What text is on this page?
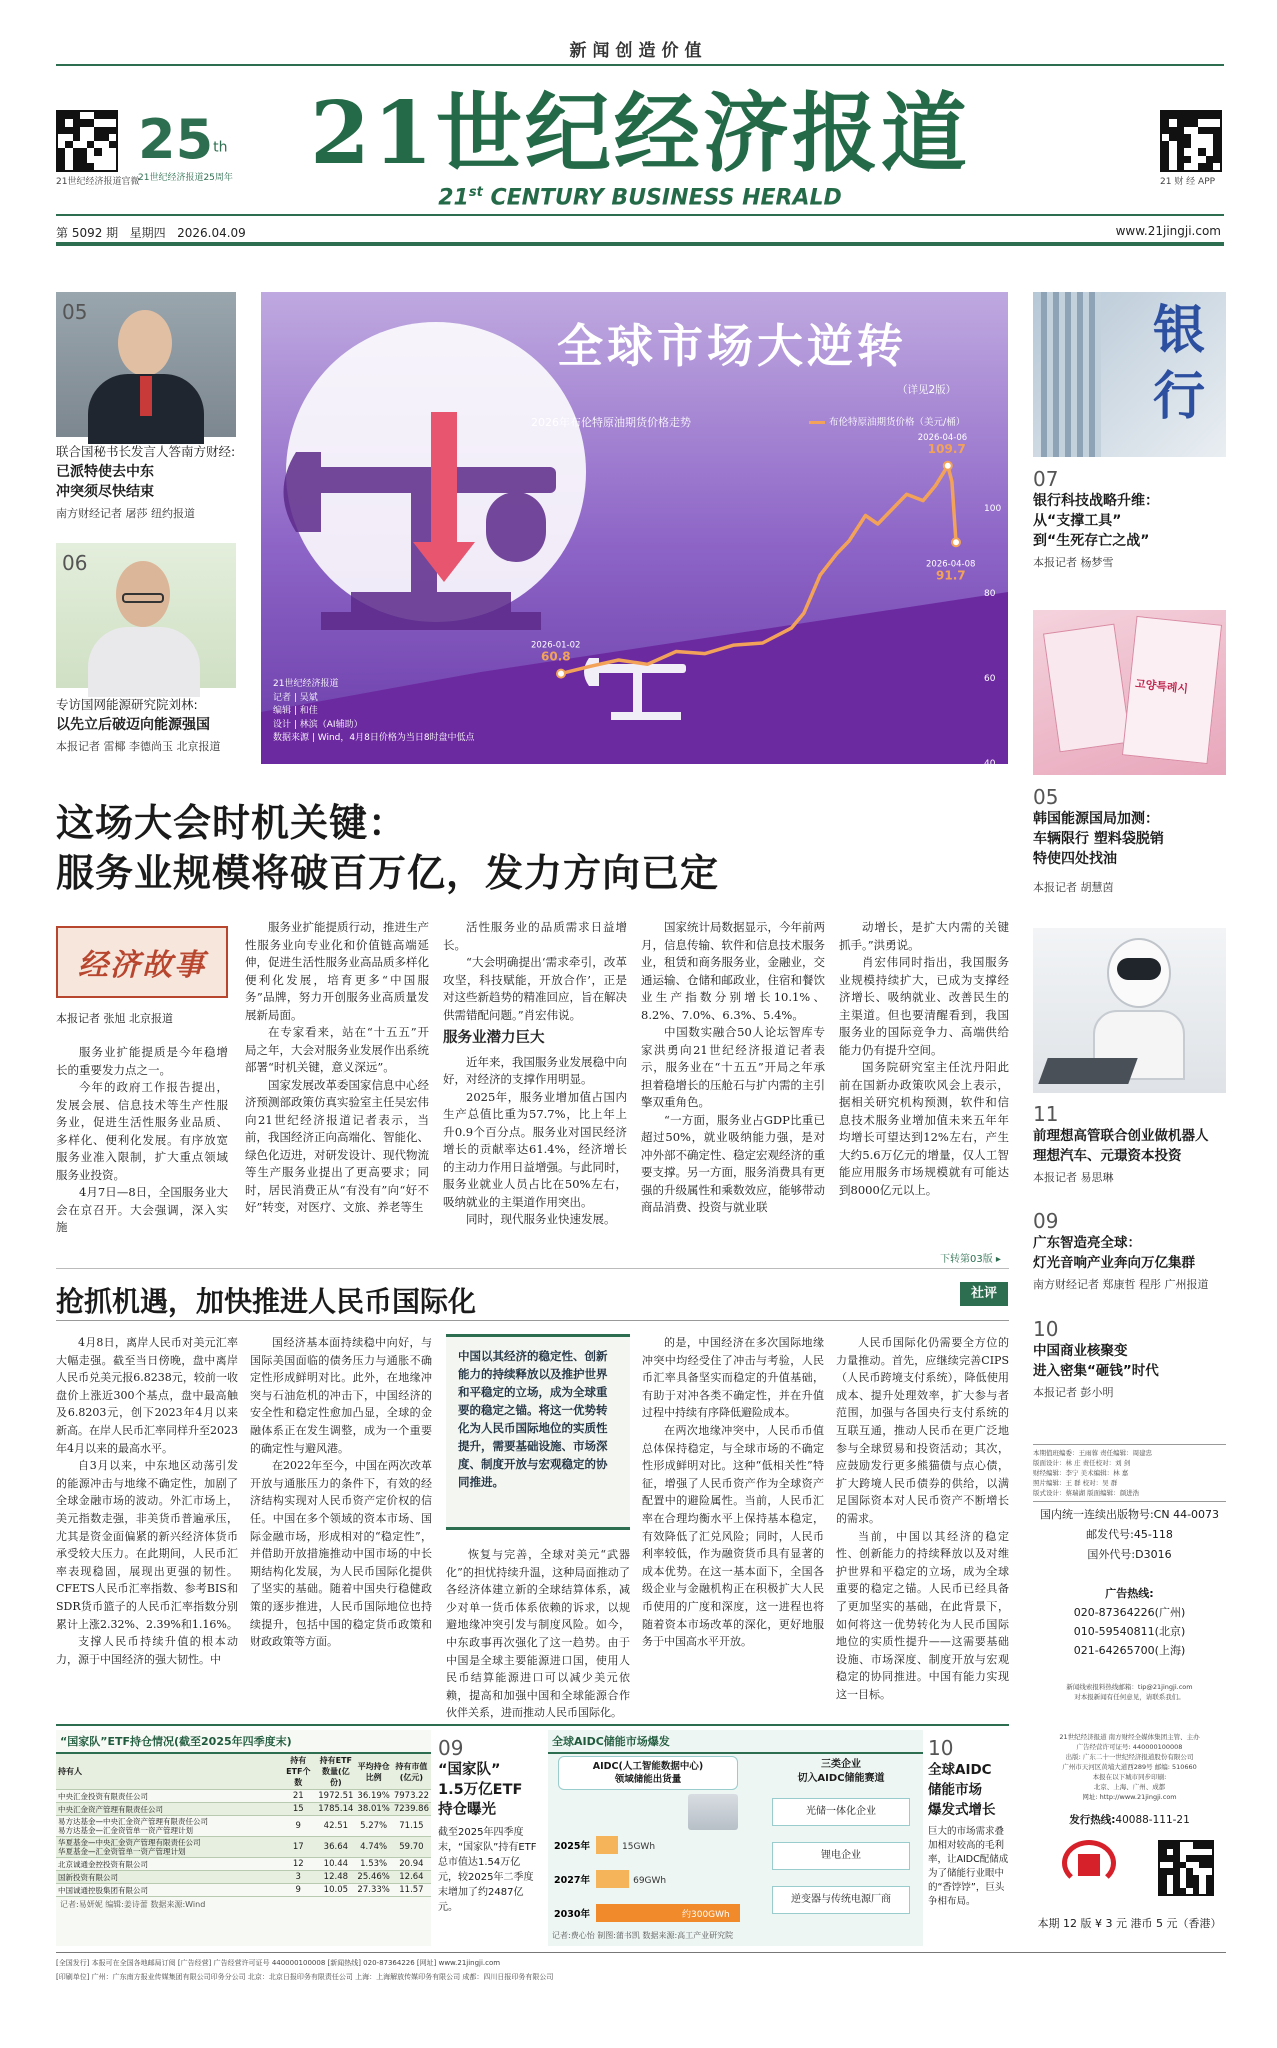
新闻创造价值
21世纪经济报道官微
25th
21世纪经济报道25周年 21世纪经济报道
21st CENTURY BUSINESS HERALD
21 财 经 APP
第 5092 期 星期四 2026.04.09	www.21jingji.com
05
联合国秘书长发言人答南方财经:
已派特使去中东
冲突须尽快结束
南方财经记者 屠莎 纽约报道
06
专访国网能源研究院刘林:
以先立后破迈向能源强国
本报记者 雷椰 李德尚玉 北京报道
全球市场大逆转
（详见2版）
2026年布伦特原油期货价格走势	布伦特原油期货价格（美元/桶）
40
60
80
100
2026-01-02
60.8
2026-04-06
109.7
2026-04-08
91.7
21世纪经济报道
记者 | 吴斌
编辑 | 和佳
设计 | 林滨（AI辅助）
数据来源 | Wind，4月8日价格为当日8时盘中低点
这场大会时机关键：
服务业规模将破百万亿，发力方向已定
经济故事
本报记者 张旭 北京报道

服务业扩能提质是今年稳增长的重要发力点之一。

今年的政府工作报告提出，发展会展、信息技术等生产性服务业，促进生活性服务业品质、多样化、便利化发展。有序放宽服务业准入限制，扩大重点领域服务业投资。

4月7日—8日，全国服务业大会在京召开。大会强调，深入实施

服务业扩能提质行动，推进生产性服务业向专业化和价值链高端延伸，促进生活性服务业高品质多样化便利化发展，培育更多“中国服务”品牌，努力开创服务业高质量发展新局面。

在专家看来，站在“十五五”开局之年，大会对服务业发展作出系统部署“时机关键，意义深远”。

国家发展改革委国家信息中心经济预测部政策仿真实验室主任吴宏伟向21世纪经济报道记者表示，当前，我国经济正向高端化、智能化、绿色化迈进，对研发设计、现代物流等生产服务业提出了更高要求；同时，居民消费正从“有没有”向“好不好”转变，对医疗、文旅、养老等生

活性服务业的品质需求日益增长。

“大会明确提出‘需求牵引，改革攻坚，科技赋能，开放合作’，正是对这些新趋势的精准回应，旨在解决供需错配问题。”肖宏伟说。

服务业潜力巨大

近年来，我国服务业发展稳中向好，对经济的支撑作用明显。

2025年，服务业增加值占国内生产总值比重为57.7%，比上年上升0.9个百分点。服务业对国民经济增长的贡献率达61.4%，经济增长的主动力作用日益增强。与此同时，服务业就业人员占比在50%左右，吸纳就业的主渠道作用突出。

同时，现代服务业快速发展。

国家统计局数据显示，今年前两月，信息传输、软件和信息技术服务业，租赁和商务服务业，金融业，交通运输、仓储和邮政业，住宿和餐饮业生产指数分别增长10.1%、8.2%、7.0%、6.3%、5.4%。

中国数实融合50人论坛智库专家洪勇向21世纪经济报道记者表示，服务业在“十五五”开局之年承担着稳增长的压舱石与扩内需的主引擎双重角色。

“一方面，服务业占GDP比重已超过50%，就业吸纳能力强，是对冲外部不确定性、稳定宏观经济的重要支撑。另一方面，服务消费具有更强的升级属性和乘数效应，能够带动商品消费、投资与就业联

动增长，是扩大内需的关键抓手。”洪勇说。

肖宏伟同时指出，我国服务业规模持续扩大，已成为支撑经济增长、吸纳就业、改善民生的主渠道。但也要清醒看到，我国服务业的国际竞争力、高端供给能力仍有提升空间。

国务院研究室主任沈丹阳此前在国新办政策吹风会上表示，据相关研究机构预测，软件和信息技术服务业增加值未来五年年均增长可望达到12%左右，产生大约5.6万亿元的增量，仅人工智能应用服务市场规模就有可能达到8000亿元以上。

下转第03版 ▸
银
行
07
银行科技战略升维：
从“支撑工具”
到“生死存亡之战”
本报记者 杨梦雪
고양특례시
05
韩国能源国局加测：
车辆限行 塑料袋脱销
特使四处找油
本报记者 胡慧茵
11
前理想高管联合创业做机器人 理想汽车、元璟资本投资
本报记者 易思琳
09
广东智造亮全球：
灯光音响产业奔向万亿集群
南方财经记者 郑康哲 程彤 广州报道
10
中国商业核聚变
进入密集“砸钱”时代
本报记者 彭小明
本期值班编委：王雨蓉 责任编辑：周建忠
版面设计：林 庄 责任校对：刘 剑
财经编辑：李宁 美术编辑：林 嘉
照片编辑：王 群 校对：吴 群
版式设计：蔡瑞湖 版面编辑：颜进浩
国内统一连续出版物号:CN 44-0073
邮发代号:45-118
国外代号:D3016
广告热线:
020-87364226(广州)
010-59540811(北京)
021-64265700(上海)
新闻线索报料热线邮箱：tip@21jingji.com
对本报新闻有任何意见，请联系我们。
抢抓机遇，加快推进人民币国际化	社评

4月8日，离岸人民币对美元汇率大幅走强。截至当日傍晚，盘中离岸人民币兑美元报6.8238元，较前一收盘价上涨近300个基点，盘中最高触及6.8203元，创下2023年4月以来新高。在岸人民币汇率同样升至2023年4月以来的最高水平。

自3月以来，中东地区动荡引发的能源冲击与地缘不确定性，加剧了全球金融市场的波动。外汇市场上，美元指数走强，非美货币普遍承压，尤其是资金面偏紧的新兴经济体货币承受较大压力。在此期间，人民币汇率表现稳固，展现出更强的韧性。CFETS人民币汇率指数、参考BIS和SDR货币篮子的人民币汇率指数分别累计上涨2.32%、2.39%和1.16%。

支撑人民币持续升值的根本动力，源于中国经济的强大韧性。中

国经济基本面持续稳中向好，与国际美国面临的债务压力与通胀不确定性形成鲜明对比。此外，在地缘冲突与石油危机的冲击下，中国经济的安全性和稳定性愈加凸显，全球的金融体系正在发生调整，成为一个重要的确定性与避风港。

在2022年至今，中国在两次改革开放与通胀压力的条件下，有效的经济结构实现对人民币资产定价权的信任。中国在多个领域的资本市场、国际金融市场，形成相对的“稳定性”，并借助开放措施推动中国市场的中长期结构化发展，为人民币国际化提供了坚实的基础。随着中国央行稳健政策的逐步推进，人民币国际地位也持续提升，包括中国的稳定货币政策和财政政策等方面。

中国以其经济的稳定性、创新能力的持续释放以及推护世界和平稳定的立场，成为全球重要的稳定之锚。将这一优势转化为人民币国际地位的实质性提升，需要基础设施、市场深度、制度开放与宏观稳定的协同推进。

恢复与完善，全球对美元“武器化”的担忧持续升温，这种局面推动了各经济体建立新的全球结算体系，减少对单一货币体系依赖的诉求，以规避地缘冲突引发与制度风险。如今，中东政事再次强化了这一趋势。由于中国是全球主要能源进口国，使用人民币结算能源进口可以减少美元依赖，提高和加强中国和全球能源合作伙伴关系，进而推动人民币国际化。

的是，中国经济在多次国际地缘冲突中均经受住了冲击与考验，人民币汇率具备坚实而稳定的升值基础，有助于对冲各类不确定性，并在升值过程中持续有序降低避险成本。

在两次地缘冲突中，人民币币值总体保持稳定，与全球市场的不确定性形成鲜明对比。这种“低相关性”特征，增强了人民币资产作为全球资产配置中的避险属性。当前，人民币汇率在合理均衡水平上保持基本稳定，有效降低了汇兑风险；同时，人民币利率较低，作为融资货币具有显著的成本优势。在这一基本面下，全国各级企业与金融机构正在积极扩大人民币使用的广度和深度，这一进程也将随着资本市场改革的深化，更好地服务于中国高水平开放。

人民币国际化仍需要全方位的力量推动。首先，应继续完善CIPS（人民币跨境支付系统），降低使用成本、提升处理效率，扩大参与者范围，加强与各国央行支付系统的互联互通，推动人民币在更广泛地参与全球贸易和投资活动；其次，应鼓励发行更多熊猫债与点心债，扩大跨境人民币债券的供给，以满足国际资本对人民币资产不断增长的需求。

当前，中国以其经济的稳定性、创新能力的持续释放以及对维护世界和平稳定的立场，成为全球重要的稳定之锚。人民币已经具备了更加坚实的基础，在此背景下，如何将这一优势转化为人民币国际地位的实质性提升——这需要基础设施、市场深度、制度开放与宏观稳定的协同推进。中国有能力实现这一目标。

“国家队”ETF持仓情况(截至2025年四季度末)
持有人	持有ETF个数	持有ETF数量(亿份)	平均持仓比例	持有市值(亿元)
中央汇金投资有限责任公司	21	1972.51	36.19%	7973.22
中央汇金资产管理有限责任公司	15	1785.14	38.01%	7239.86
易方达基金—中央汇金资产管理有限责任公司
易方达基金—汇金资管单一资产管理计划	9	42.51	5.27%	71.15
华夏基金—中央汇金资产管理有限责任公司
华夏基金—汇金资管单一资产管理计划	17	36.64	4.74%	59.70
北京诚通金控投资有限公司	12	10.44	1.53%	20.94
国新投资有限公司	3	12.48	25.46%	12.64
中国诚通控股集团有限公司	9	10.05	27.33%	11.57
记者:易妍妮 编辑:姜诗蕾 数据来源:Wind
09
“国家队”
1.5万亿ETF
持仓曝光
截至2025年四季度末，“国家队”持有ETF总市值达1.54万亿元，较2025年二季度末增加了约2487亿元。
全球AIDC储能市场爆发
AIDC(人工智能数据中心)
领域储能出货量
2025年	15GWh
2027年	69GWh
2030年	约300GWh
三类企业
切入AIDC储能赛道
光储一体化企业
锂电企业
逆变器与传统电源厂商
记者:费心怡 制图:蒲书凯 数据来源:高工产业研究院
10
全球AIDC
储能市场
爆发式增长
巨大的市场需求叠加相对较高的毛利率，让AIDC配储成为了储能行业眼中的“香饽饽”，巨头争相布局。
21世纪经济报道 南方财经全媒体集团主管、主办
广告经营许可证号: 440000100008
出版: 广东二十一世纪经济报道股份有限公司
广州市天河区黄埔大道西289号 邮编: 510660
本报在以下城市同步印刷:
北京、上海、广州、成都
网址: http://www.21jingji.com
发行热线:40088-111-21
本期 12 版 ¥ 3 元 港币 5 元（香港）
[全国发行] 本报可在全国各地邮局订阅 [广告经营] 广告经营许可证号 440000100008 [新闻热线] 020-87364226 [网址] www.21jingji.com
[印刷单位] 广州：广东南方报业传媒集团有限公司印务分公司 北京：北京日报印务有限责任公司 上海：上海解放传媒印务有限公司 成都：四川日报印务有限公司
